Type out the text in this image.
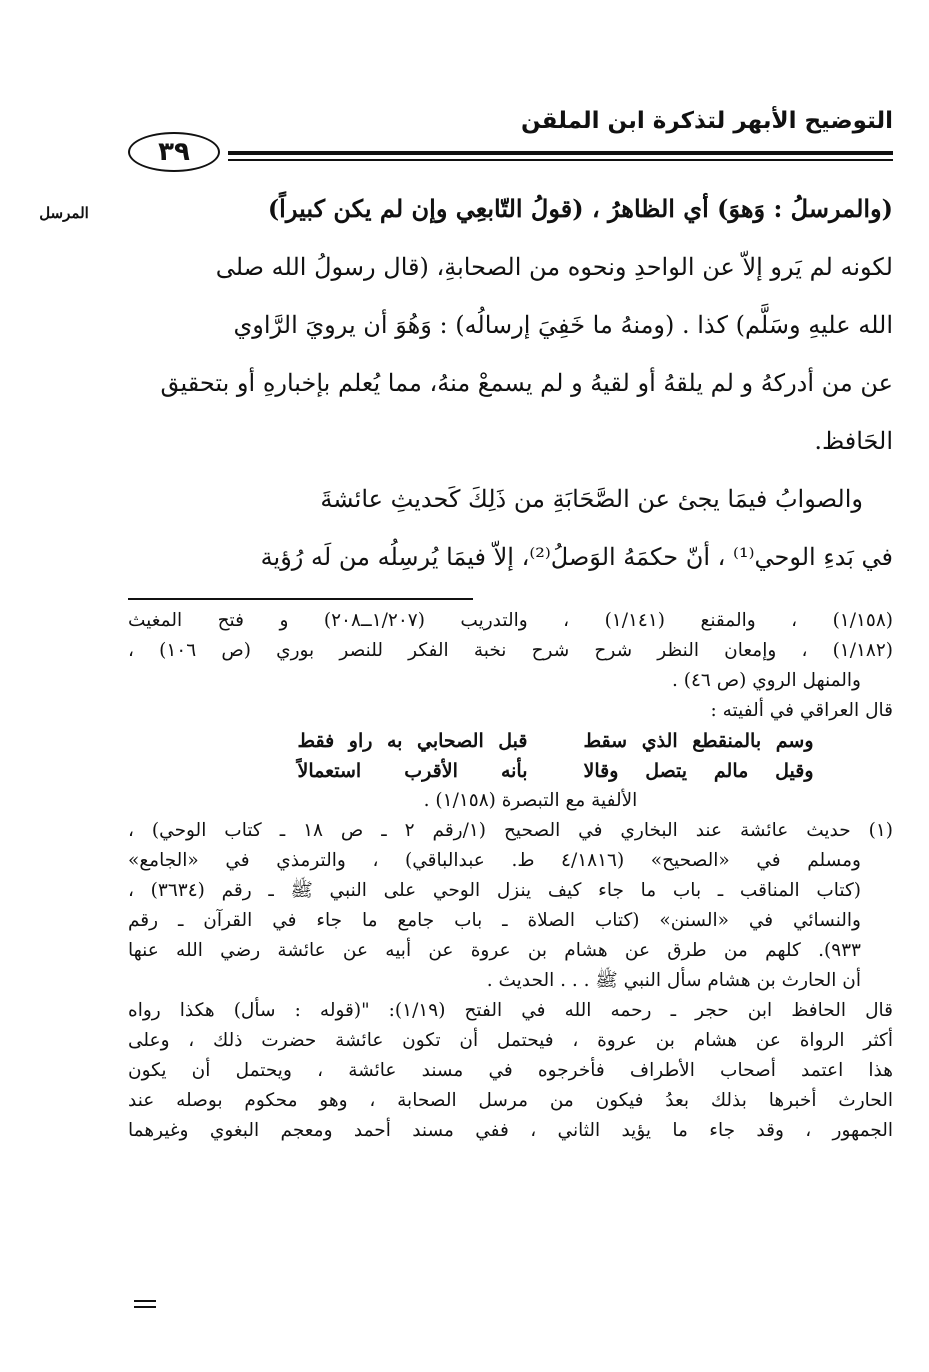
التوضيح الأبهر لتذكرة ابن الملقن
٣٩
المرسل	(والمرسلُ : وَهوَ) أي الظاهرُ ، (قولُ التّابعِي وإن لم يكن كبيراً)

لكونه لم يَرو إلاّ عن الواحدِ ونحوه من الصحابةِ، (قال رسولُ الله صلى

الله عليهِ وسَلَّم) كذا . (ومنهُ ما خَفِيَ إرسالُه) : وَهُوَ أن يرويَ الرَّاوي

عن من أدركهُ و لم يلقهُ أو لقيهُ و لم يسمعْ منهُ، مما يُعلم بإخبارهِ أو بتحقيق

الحَافظ.

والصوابُ فيمَا يجئ عن الصَّحَابَةِ من ذَلِكَ كَحديثِ عائشةَ

في بَدءِ الوحي⁽¹⁾ ، أنّ حكمَهُ الوَصلُ⁽²⁾، إلاّ فيمَا يُرسِلُه من لَه رُؤية

(١/١٥٨) ، والمقنع (١/١٤١) ، والتدريب (١/٢٠٧ــ٢٠٨) و فتح المغيث
(١/١٨٢) ، وإمعان النظر شرح شرح نخبة الفكر للنصر بوري (ص ١٠٦) ،
والمنهل الروي (ص ٤٦) .
قال العراقي في ألفيته :
وسم بالمنقطع الذي سقط
قبل الصحابي به راو فقط
وقيل مالم يتصل وقالا
بأنه الأقرب استعمالاً
الألفية مع التبصرة (١/١٥٨) .
(١) حديث عائشة عند البخاري في الصحيح (١/رقم ٢ ـ ص ١٨ ـ كتاب الوحي) ،
ومسلم في «الصحيح» (٤/١٨١٦ ط. عبدالباقي) ، والترمذي في «الجامع»
(كتاب المناقب ـ باب ما جاء كيف ينزل الوحي على النبي ﷺ ـ رقم (٣٦٣٤) ،
والنسائي في «السنن» (كتاب الصلاة ـ باب جامع ما جاء في القرآن ـ رقم
٩٣٣). كلهم من طرق عن هشام بن عروة عن أبيه عن عائشة رضي الله عنها
أن الحارث بن هشام سأل النبي ﷺ . . . الحديث .
قال الحافظ ابن حجر ـ رحمه الله في الفتح (١/١٩): "(قوله : سأل) هكذا رواه
أكثر الرواة عن هشام بن عروة ، فيحتمل أن تكون عائشة حضرت ذلك ، وعلى
هذا اعتمد أصحاب الأطراف فأخرجوه في مسند عائشة ، ويحتمل أن يكون
الحارث أخبرها بذلك بعدُ فيكون من مرسل الصحابة ، وهو محكوم بوصله عند
الجمهور ، وقد جاء ما يؤيد الثاني ، ففي مسند أحمد ومعجم البغوي وغيرهما
